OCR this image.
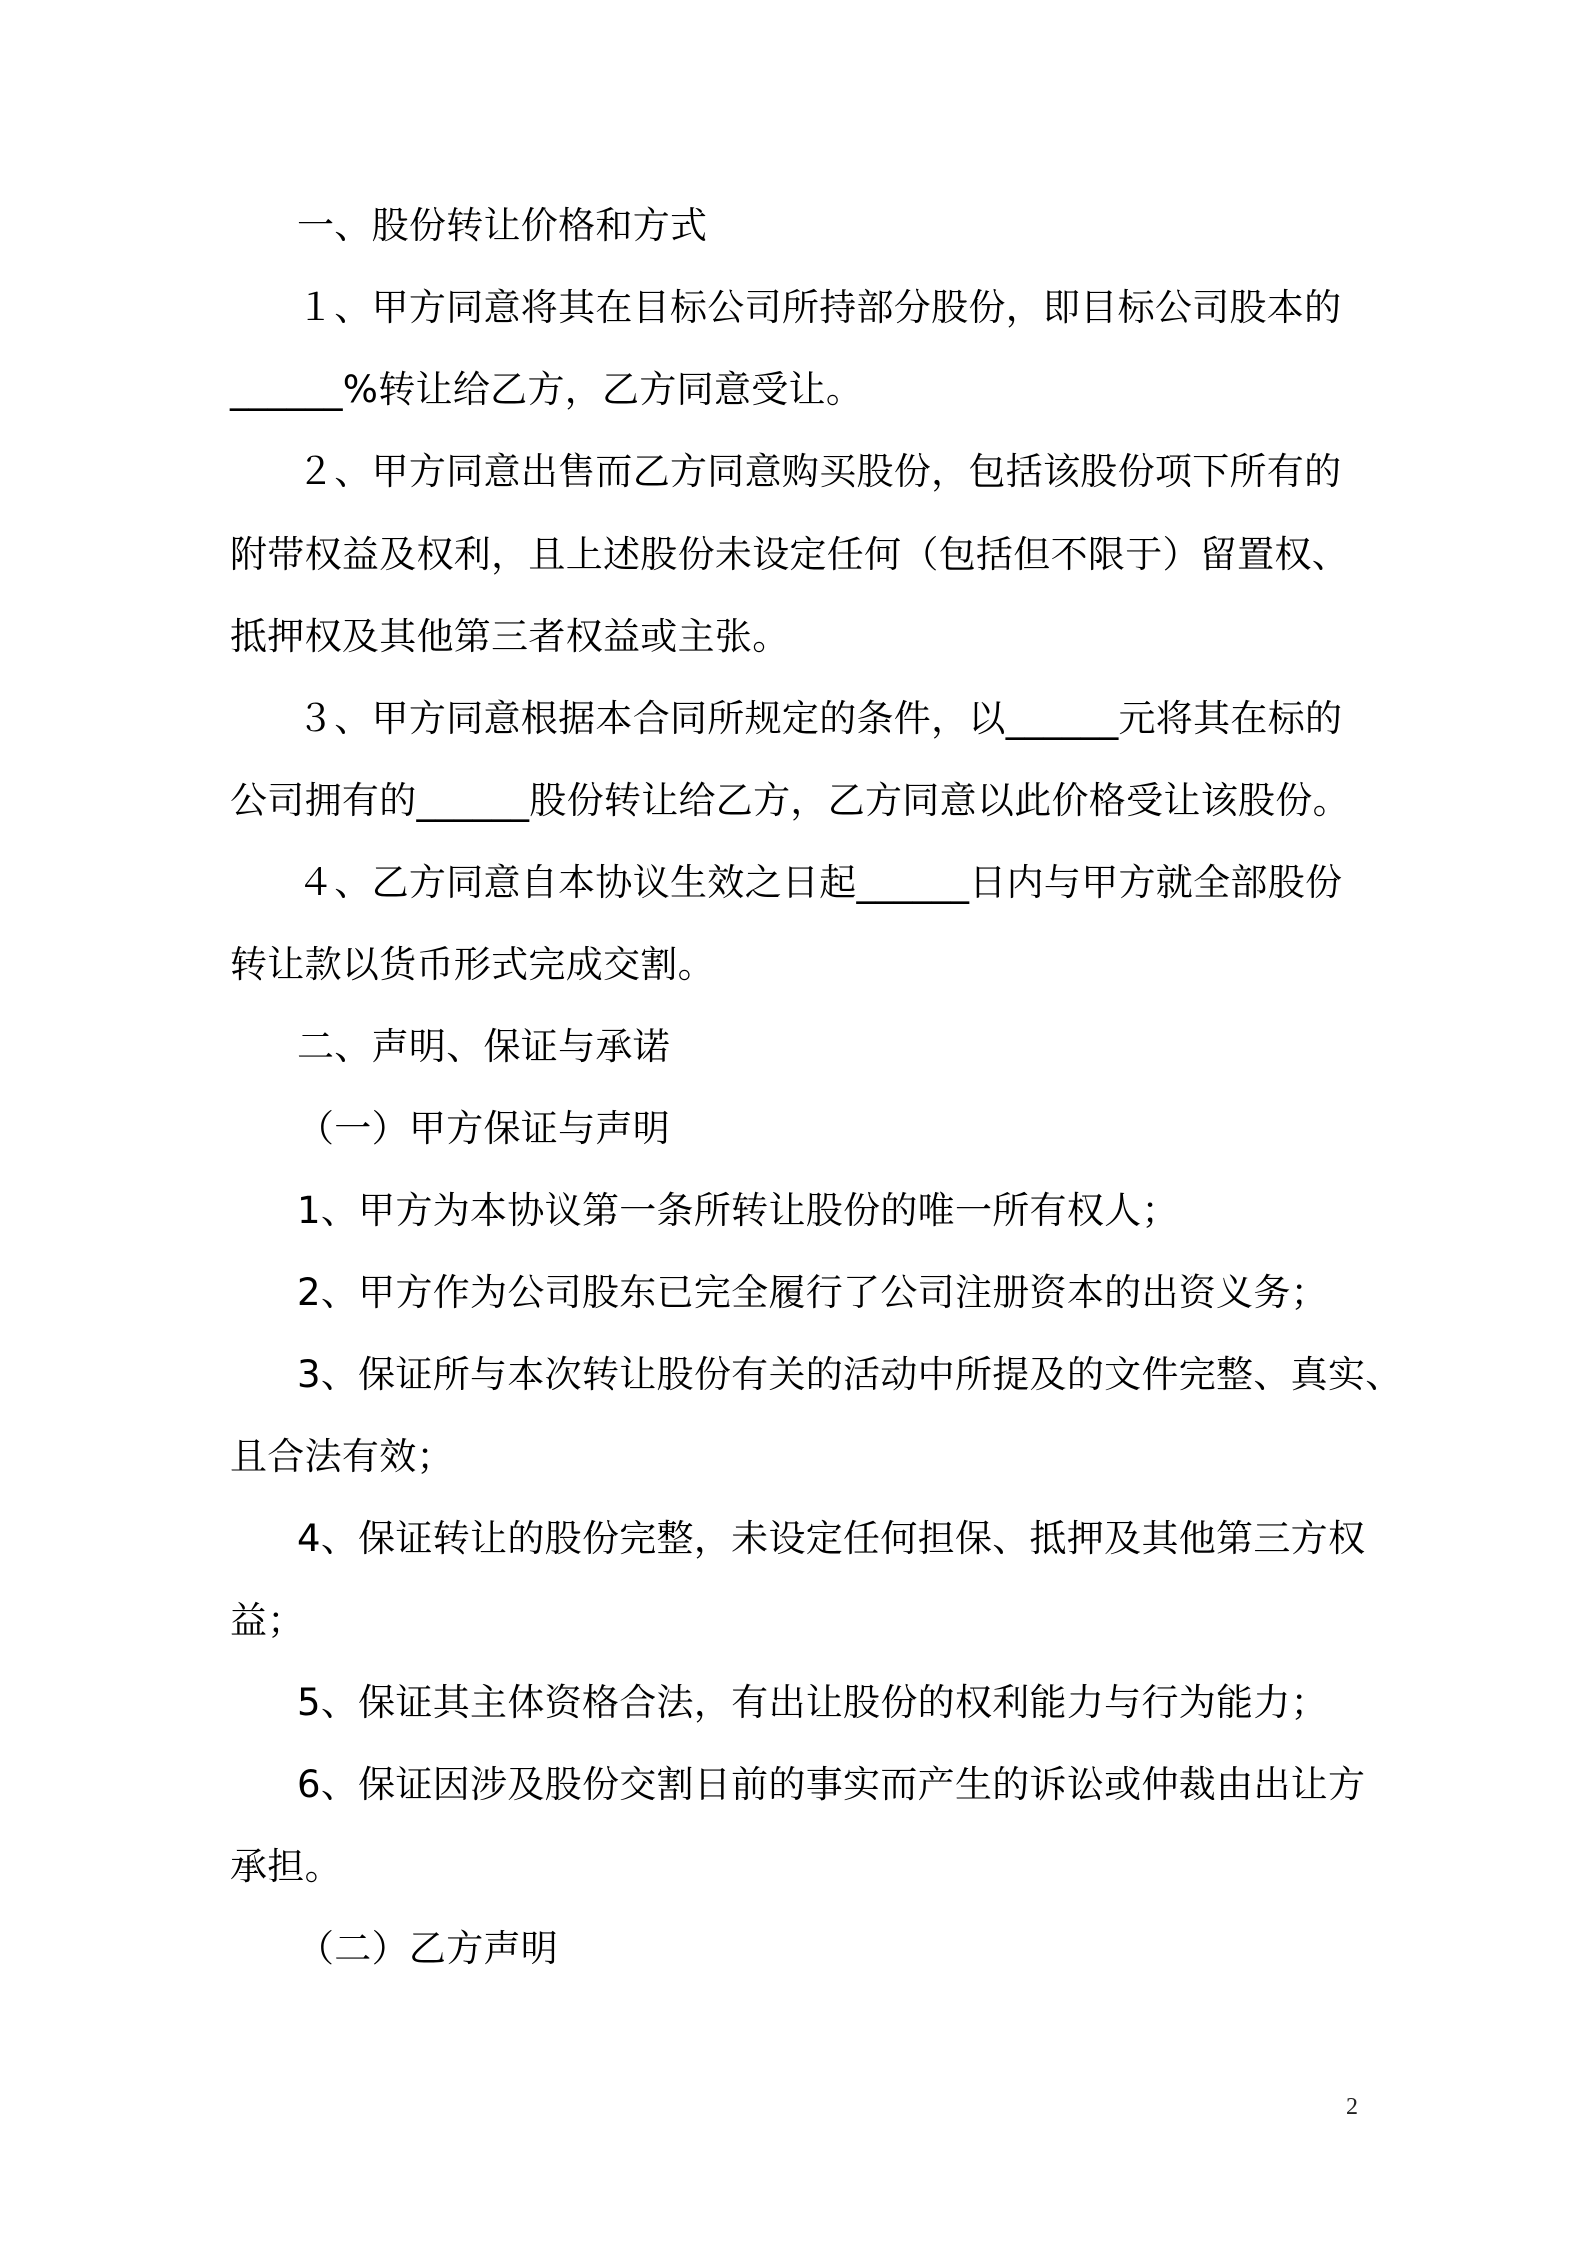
一、股份转让价格和方式
１、甲方同意将其在目标公司所持部分股份，即目标公司股本的
______%转让给乙方，乙方同意受让。
２、甲方同意出售而乙方同意购买股份，包括该股份项下所有的
附带权益及权利，且上述股份未设定任何（包括但不限于）留置权、
抵押权及其他第三者权益或主张。
３、甲方同意根据本合同所规定的条件，以______元将其在标的
公司拥有的______股份转让给乙方，乙方同意以此价格受让该股份。
４、乙方同意自本协议生效之日起______日内与甲方就全部股份
转让款以货币形式完成交割。
二、声明、保证与承诺
（一）甲方保证与声明
1、甲方为本协议第一条所转让股份的唯一所有权人；
2、甲方作为公司股东已完全履行了公司注册资本的出资义务；
3、保证所与本次转让股份有关的活动中所提及的文件完整、真实、
且合法有效；
4、保证转让的股份完整，未设定任何担保、抵押及其他第三方权
益；
5、保证其主体资格合法，有出让股份的权利能力与行为能力；
6、保证因涉及股份交割日前的事实而产生的诉讼或仲裁由出让方
承担。
（二）乙方声明
2
